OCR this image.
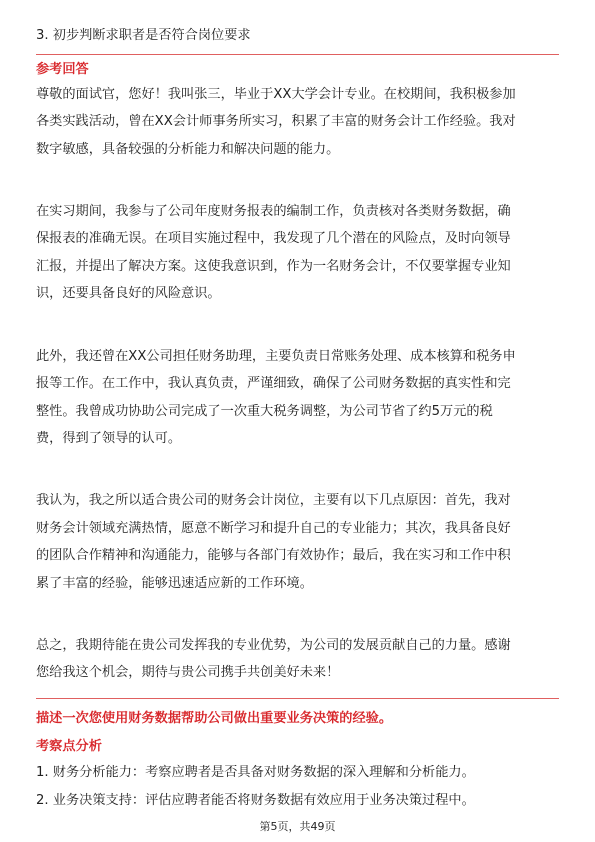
3. 初步判断求职者是否符合岗位要求
参考回答
尊敬的面试官，您好！我叫张三，毕业于XX大学会计专业。在校期间，我积极参加
各类实践活动，曾在XX会计师事务所实习，积累了丰富的财务会计工作经验。我对
数字敏感，具备较强的分析能力和解决问题的能力。
在实习期间，我参与了公司年度财务报表的编制工作，负责核对各类财务数据，确
保报表的准确无误。在项目实施过程中，我发现了几个潜在的风险点，及时向领导
汇报，并提出了解决方案。这使我意识到，作为一名财务会计，不仅要掌握专业知
识，还要具备良好的风险意识。
此外，我还曾在XX公司担任财务助理，主要负责日常账务处理、成本核算和税务申
报等工作。在工作中，我认真负责，严谨细致，确保了公司财务数据的真实性和完
整性。我曾成功协助公司完成了一次重大税务调整，为公司节省了约5万元的税
费，得到了领导的认可。
我认为，我之所以适合贵公司的财务会计岗位，主要有以下几点原因：首先，我对
财务会计领域充满热情，愿意不断学习和提升自己的专业能力；其次，我具备良好
的团队合作精神和沟通能力，能够与各部门有效协作；最后，我在实习和工作中积
累了丰富的经验，能够迅速适应新的工作环境。
总之，我期待能在贵公司发挥我的专业优势，为公司的发展贡献自己的力量。感谢
您给我这个机会，期待与贵公司携手共创美好未来！
描述一次您使用财务数据帮助公司做出重要业务决策的经验。
考察点分析
1. 财务分析能力：考察应聘者是否具备对财务数据的深入理解和分析能力。
2. 业务决策支持：评估应聘者能否将财务数据有效应用于业务决策过程中。
第5页，共49页
